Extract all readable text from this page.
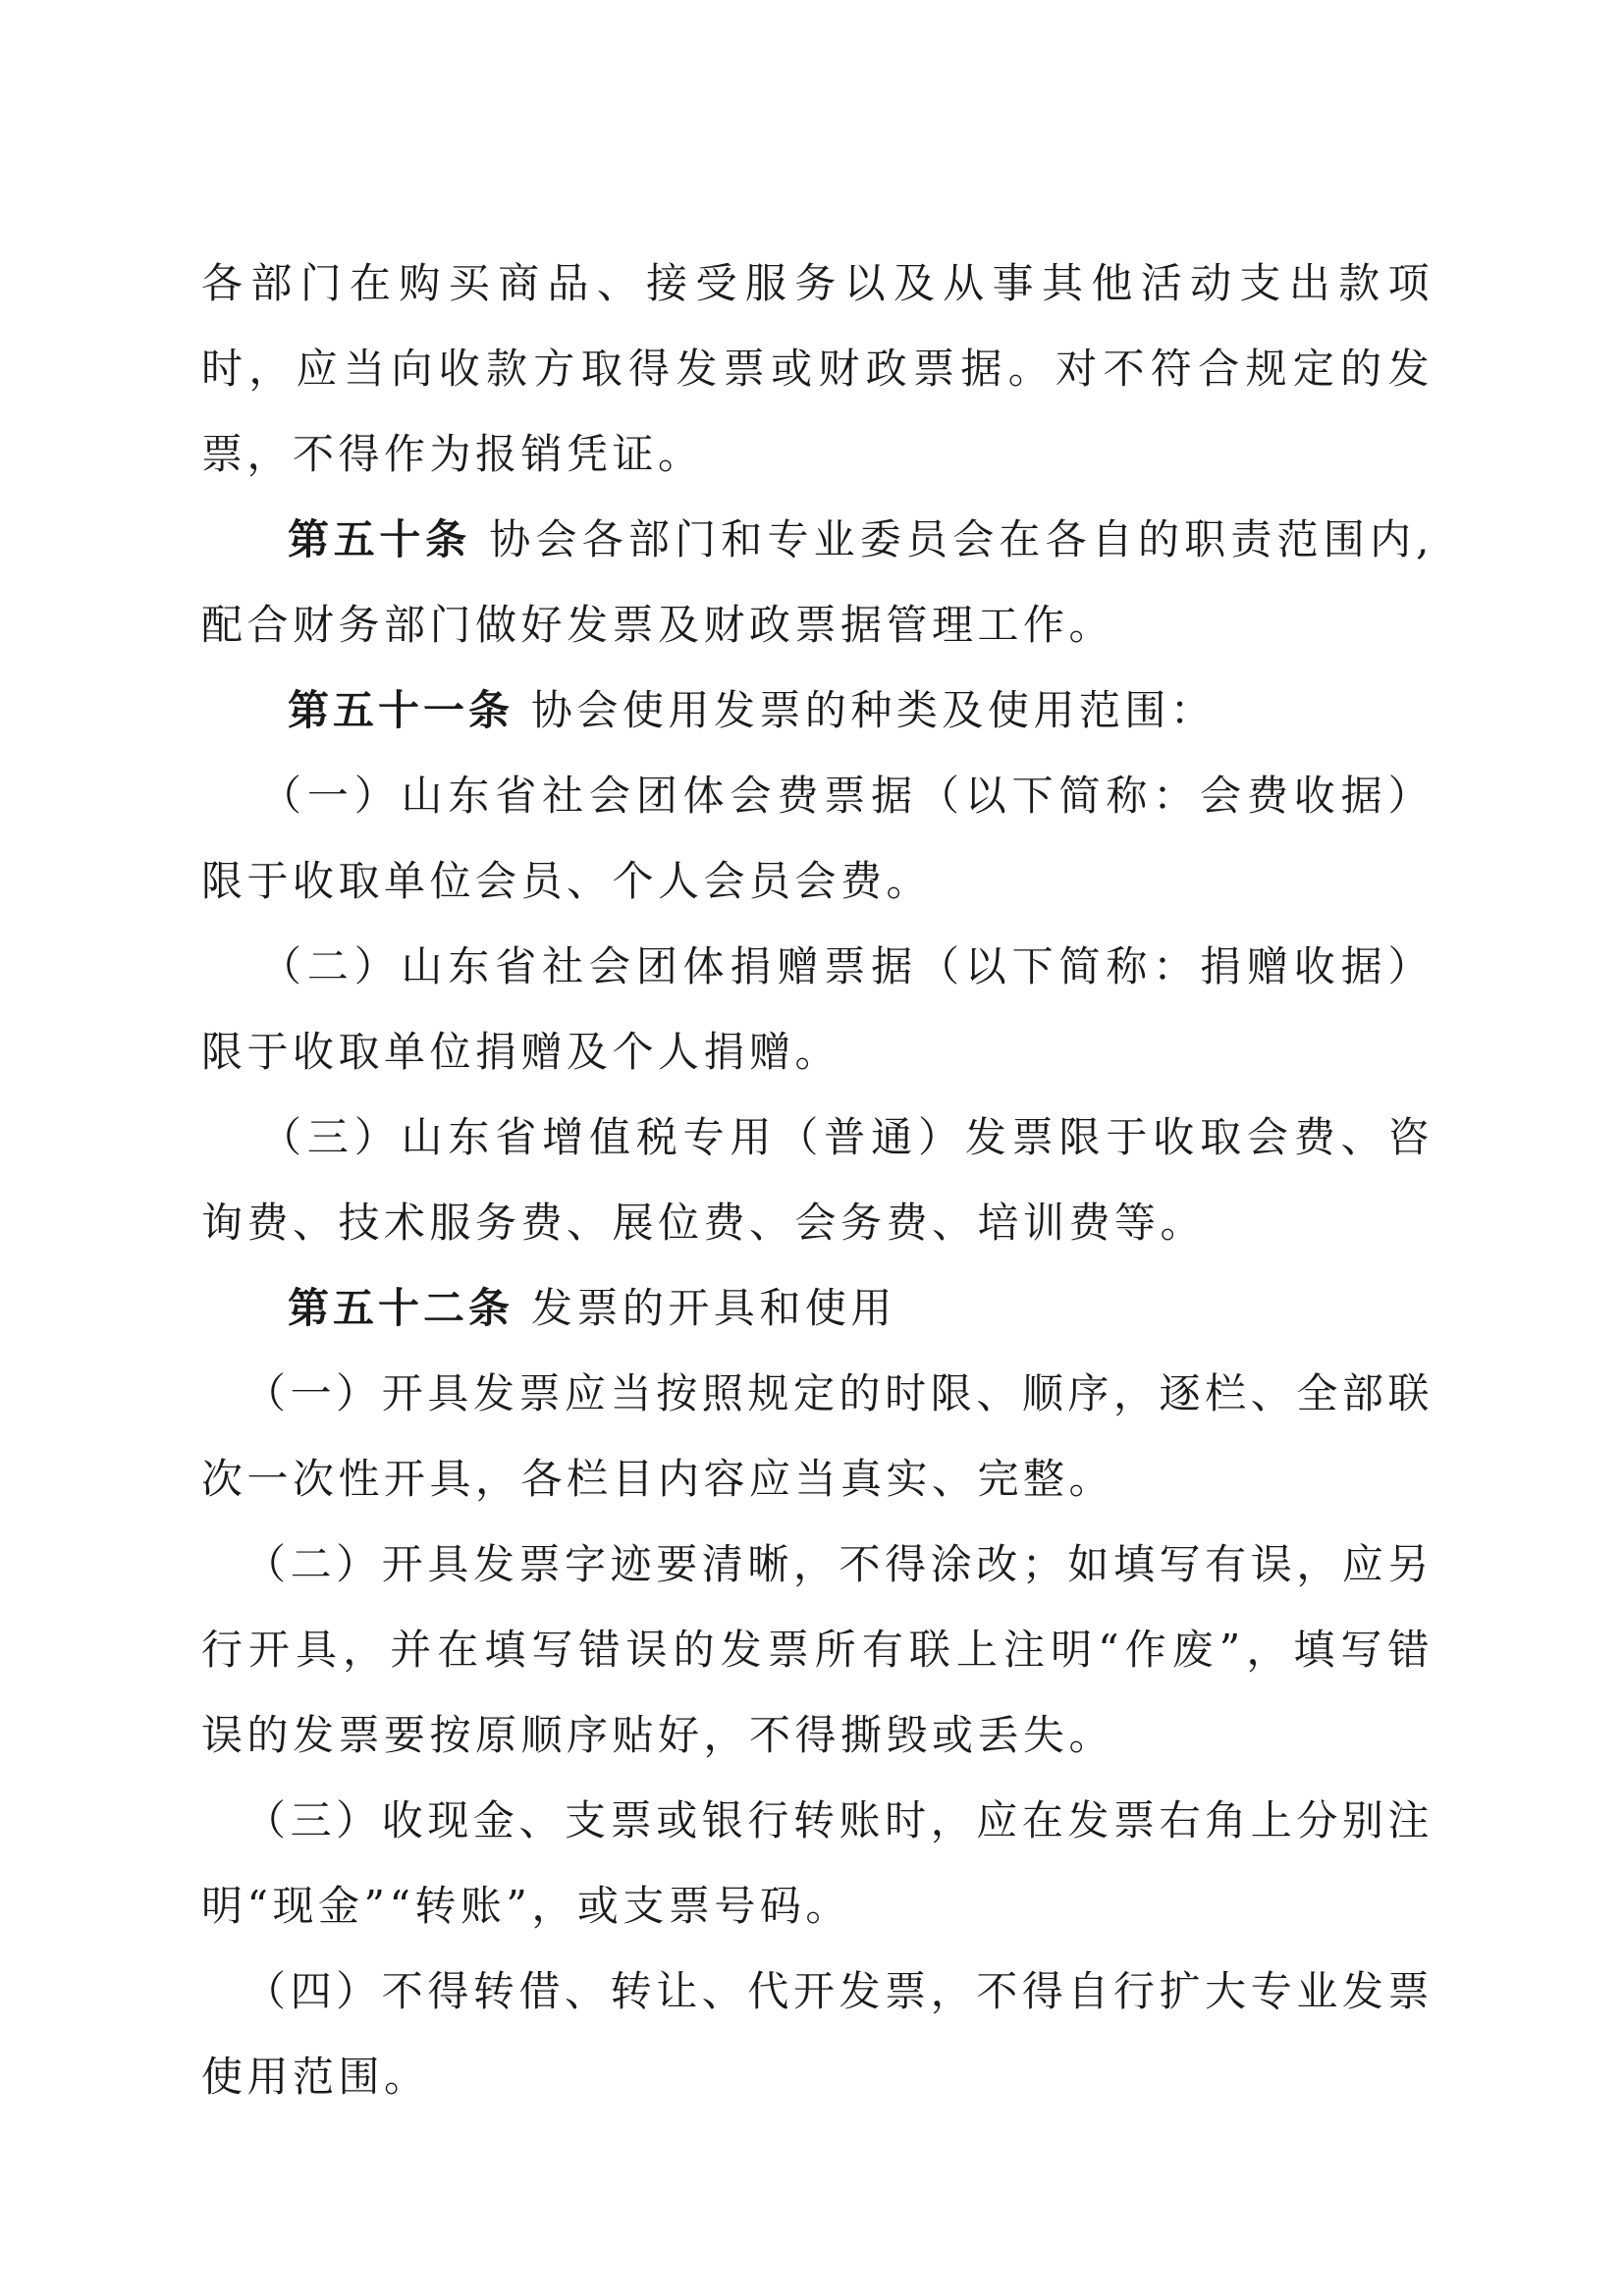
各部门在购买商品、接受服务以及从事其他活动支出款项时，应当向收款方取得发票或财政票据。对不符合规定的发票，不得作为报销凭证。

第五十条 协会各部门和专业委员会在各自的职责范围内,配合财务部门做好发票及财政票据管理工作。

第五十一条 协会使用发票的种类及使用范围：

（一）山东省社会团体会费票据（以下简称：会费收据）限于收取单位会员、个人会员会费。

（二）山东省社会团体捐赠票据（以下简称：捐赠收据）限于收取单位捐赠及个人捐赠。

（三）山东省增值税专用（普通）发票限于收取会费、咨询费、技术服务费、展位费、会务费、培训费等。

第五十二条 发票的开具和使用

（一）开具发票应当按照规定的时限、顺序，逐栏、全部联次一次性开具，各栏目内容应当真实、完整。

（二）开具发票字迹要清晰，不得涂改；如填写有误，应另行开具，并在填写错误的发票所有联上注明“作废”，填写错误的发票要按原顺序贴好，不得撕毁或丢失。

（三）收现金、支票或银行转账时，应在发票右角上分别注明“现金”“转账”，或支票号码。

（四）不得转借、转让、代开发票，不得自行扩大专业发票使用范围。
